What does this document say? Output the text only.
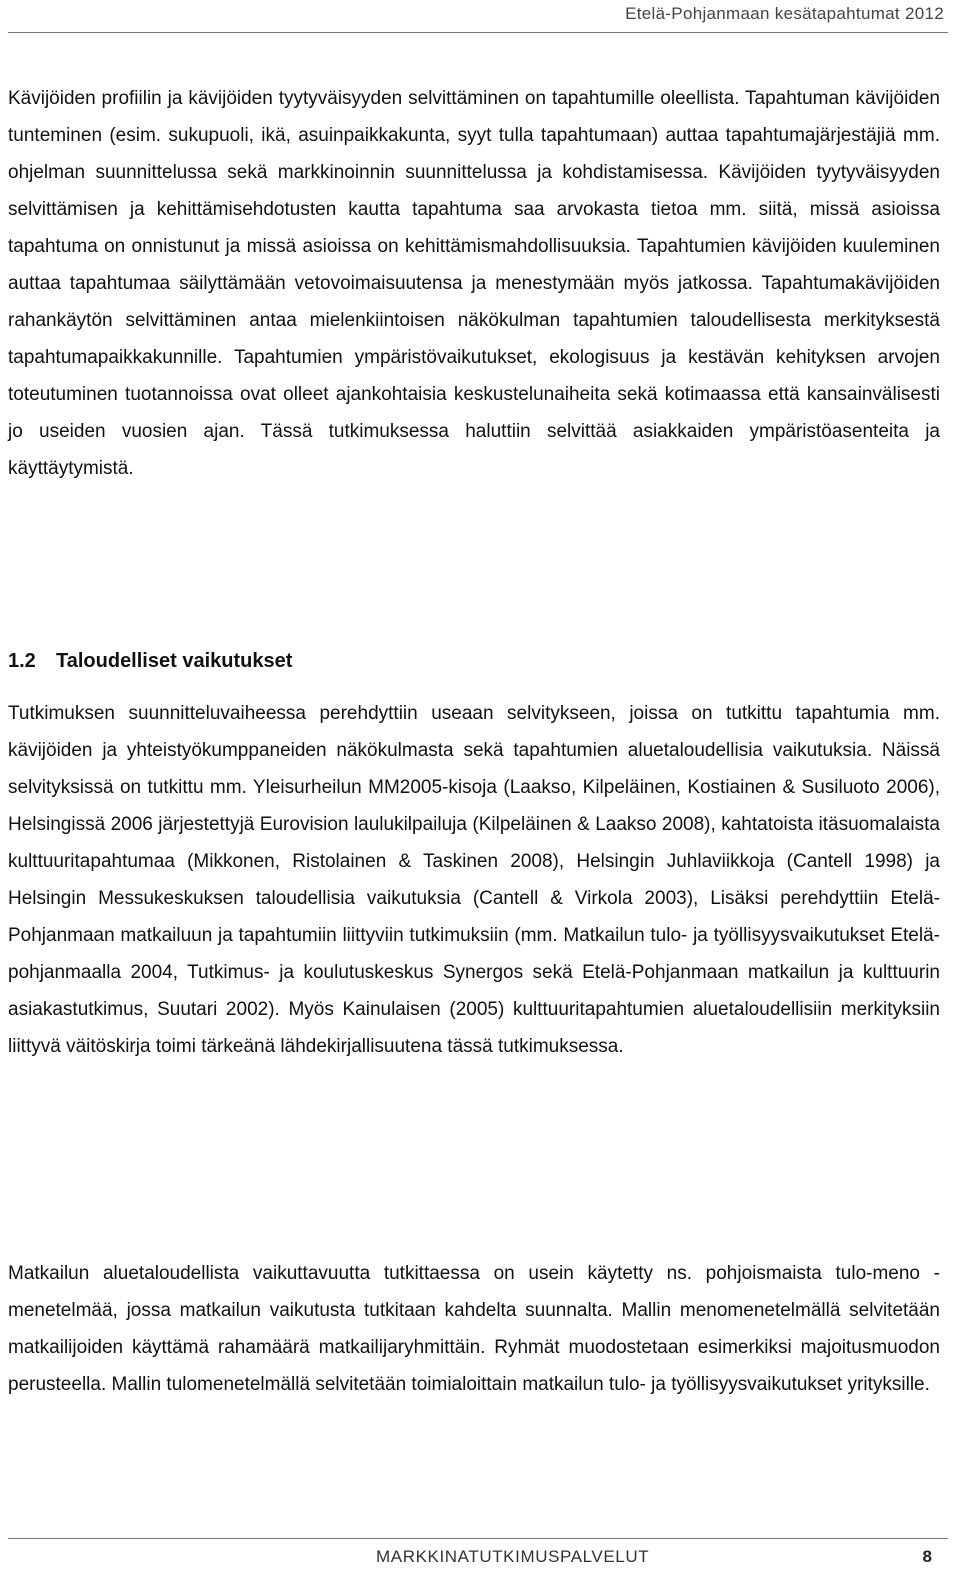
Etelä-Pohjanmaan kesätapahtumat 2012

Kävijöiden profiilin ja kävijöiden tyytyväisyyden selvittäminen on tapahtumille oleellista. Tapahtuman kävijöiden tunteminen (esim. sukupuoli, ikä, asuinpaikkakunta, syyt tulla tapahtumaan) auttaa tapahtumajärjestäjiä mm. ohjelman suunnittelussa sekä markkinoinnin suunnittelussa ja kohdistamisessa. Kävijöiden tyytyväisyyden selvittämisen ja kehittämisehdotusten kautta tapahtuma saa arvokasta tietoa mm. siitä, missä asioissa tapahtuma on onnistunut ja missä asioissa on kehittämismahdollisuuksia. Tapahtumien kävijöiden kuuleminen auttaa tapahtumaa säilyttämään vetovoimaisuutensa ja menestymään myös jatkossa. Tapahtumakävijöiden rahankäytön selvittäminen antaa mielenkiintoisen näkökulman tapahtumien taloudellisesta merkityksestä tapahtumapaikkakunnille. Tapahtumien ympäristövaikutukset, ekologisuus ja kestävän kehityksen arvojen toteutuminen tuotannoissa ovat olleet ajankohtaisia keskustelunaiheita sekä kotimaassa että kansainvälisesti jo useiden vuosien ajan. Tässä tutkimuksessa haluttiin selvittää asiakkaiden ympäristöasenteita ja käyttäytymistä.

1.2 Taloudelliset vaikutukset

Tutkimuksen suunnitteluvaiheessa perehdyttiin useaan selvitykseen, joissa on tutkittu tapahtumia mm. kävijöiden ja yhteistyökumppaneiden näkökulmasta sekä tapahtumien aluetaloudellisia vaikutuksia. Näissä selvityksissä on tutkittu mm. Yleisurheilun MM2005-kisoja (Laakso, Kilpeläinen, Kostiainen & Susiluoto 2006), Helsingissä 2006 järjestettyjä Eurovision laulukilpailuja (Kilpeläinen & Laakso 2008), kahtatoista itäsuomalaista kulttuuritapahtumaa (Mikkonen, Ristolainen & Taskinen 2008), Helsingin Juhlaviikkoja (Cantell 1998) ja Helsingin Messukeskuksen taloudellisia vaikutuksia (Cantell & Virkola 2003), Lisäksi perehdyttiin Etelä-Pohjanmaan matkailuun ja tapahtumiin liittyviin tutkimuksiin (mm. Matkailun tulo- ja työllisyysvaikutukset Etelä-pohjanmaalla 2004, Tutkimus- ja koulutuskeskus Synergos sekä Etelä-Pohjanmaan matkailun ja kulttuurin asiakastutkimus, Suutari 2002). Myös Kainulaisen (2005) kulttuuritapahtumien aluetaloudellisiin merkityksiin liittyvä väitöskirja toimi tärkeänä lähdekirjallisuutena tässä tutkimuksessa.

Matkailun aluetaloudellista vaikuttavuutta tutkittaessa on usein käytetty ns. pohjoismaista tulo-meno -menetelmää, jossa matkailun vaikutusta tutkitaan kahdelta suunnalta. Mallin menomenetelmällä selvitetään matkailijoiden käyttämä rahamäärä matkailijaryhmittäin. Ryhmät muodostetaan esimerkiksi majoitusmuodon perusteella. Mallin tulomenetelmällä selvitetään toimialoittain matkailun tulo- ja työllisyysvaikutukset yrityksille.

MARKKINATUTKIMUSPALVELUT	8
